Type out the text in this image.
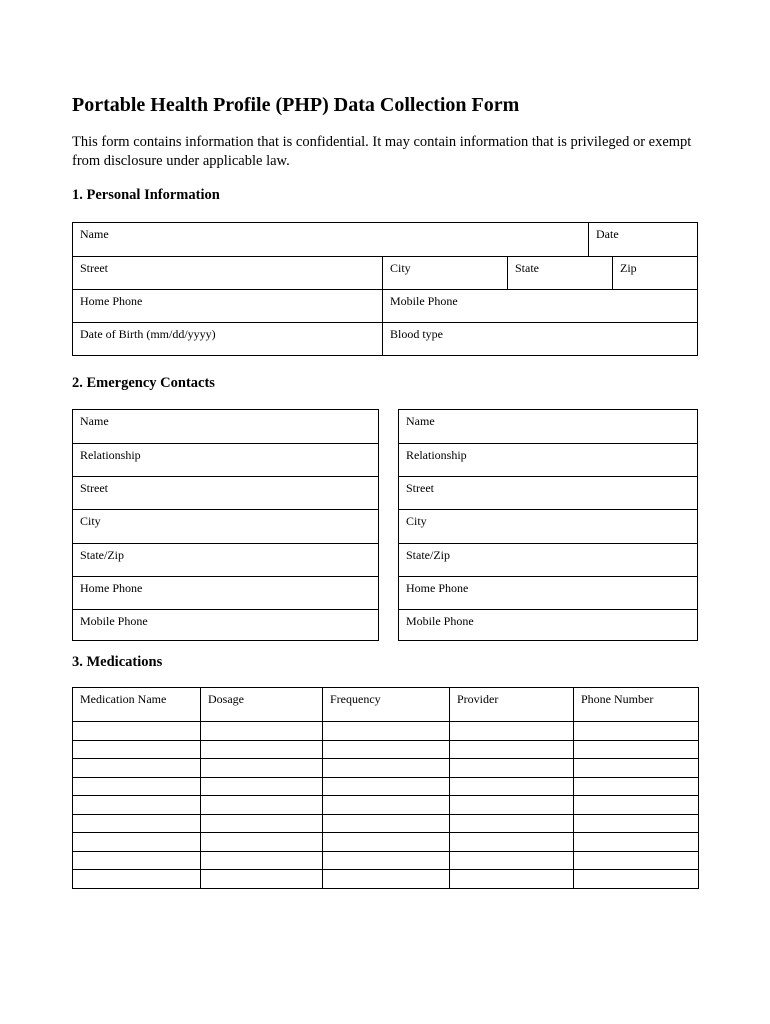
Portable Health Profile (PHP) Data Collection Form
This form contains information that is confidential. It may contain information that is privileged or exempt from disclosure under applicable law.
1. Personal Information
Name	Date
Street	City	State	Zip
Home Phone	Mobile Phone
Date of Birth (mm/dd/yyyy)	Blood type
2. Emergency Contacts
Name
Relationship
Street
City
State/Zip
Home Phone
Mobile Phone
Name
Relationship
Street
City
State/Zip
Home Phone
Mobile Phone
3. Medications
Medication Name	Dosage	Frequency	Provider	Phone Number
